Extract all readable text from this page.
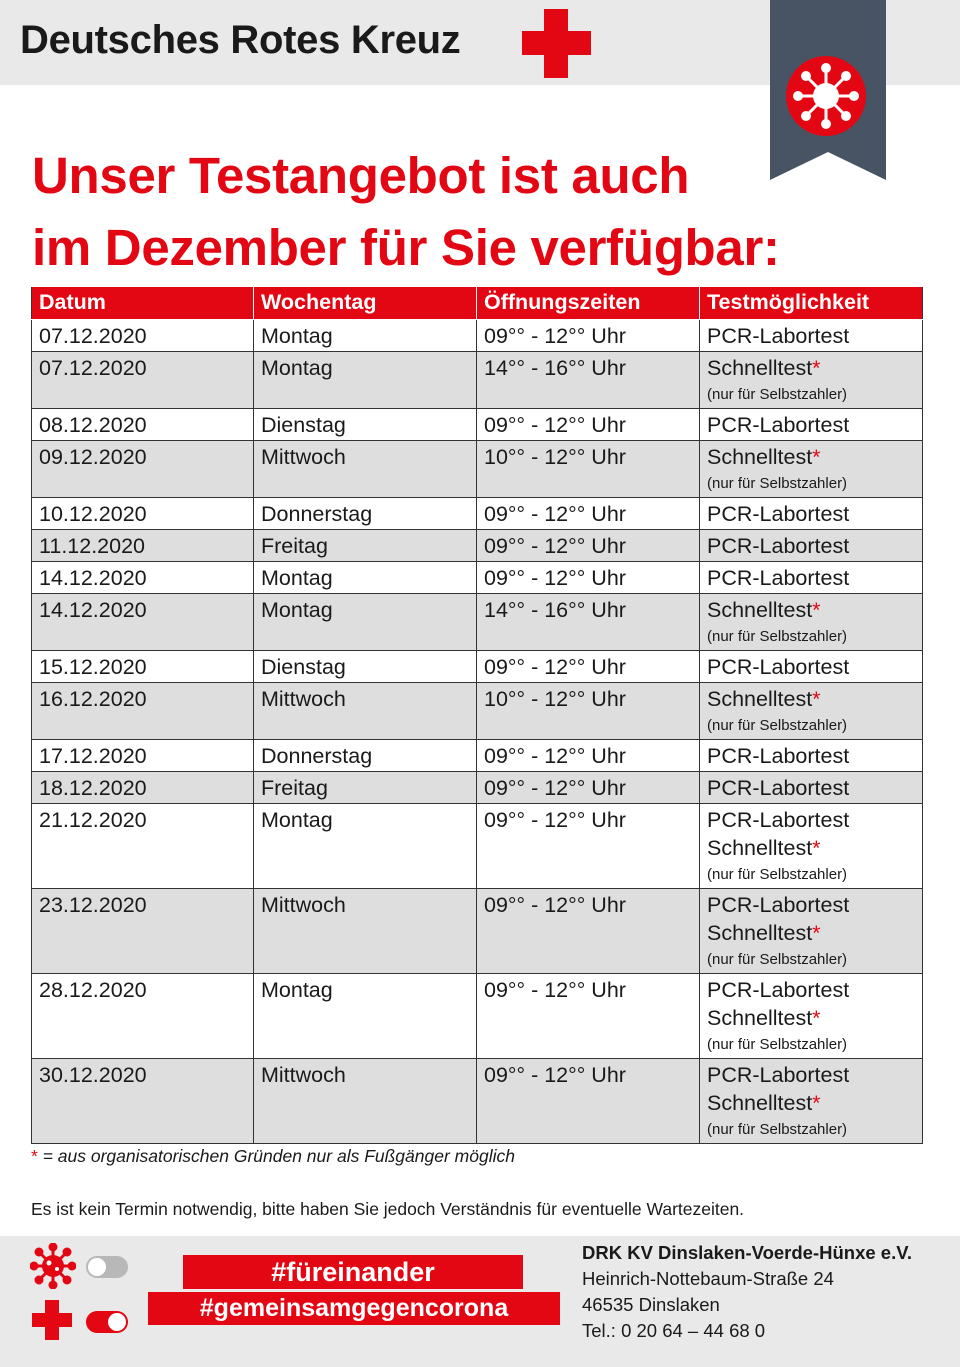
Deutsches Rotes Kreuz
Unser Testangebot ist auch
im Dezember für Sie verfügbar:
Datum	Wochentag	Öffnungszeiten	Testmöglichkeit
07.12.2020	Montag	09°° - 12°° Uhr	PCR-Labortest

07.12.2020	Montag	14°° - 16°° Uhr	Schnelltest*
(nur für Selbstzahler)

08.12.2020	Dienstag	09°° - 12°° Uhr	PCR-Labortest

09.12.2020	Mittwoch	10°° - 12°° Uhr	Schnelltest*
(nur für Selbstzahler)

10.12.2020	Donnerstag	09°° - 12°° Uhr	PCR-Labortest

11.12.2020	Freitag	09°° - 12°° Uhr	PCR-Labortest

14.12.2020	Montag	09°° - 12°° Uhr	PCR-Labortest

14.12.2020	Montag	14°° - 16°° Uhr	Schnelltest*
(nur für Selbstzahler)

15.12.2020	Dienstag	09°° - 12°° Uhr	PCR-Labortest

16.12.2020	Mittwoch	10°° - 12°° Uhr	Schnelltest*
(nur für Selbstzahler)

17.12.2020	Donnerstag	09°° - 12°° Uhr	PCR-Labortest

18.12.2020	Freitag	09°° - 12°° Uhr	PCR-Labortest

21.12.2020	Montag	09°° - 12°° Uhr	PCR-Labortest
Schnelltest*
(nur für Selbstzahler)

23.12.2020	Mittwoch	09°° - 12°° Uhr	PCR-Labortest
Schnelltest*
(nur für Selbstzahler)

28.12.2020	Montag	09°° - 12°° Uhr	PCR-Labortest
Schnelltest*
(nur für Selbstzahler)

30.12.2020	Mittwoch	09°° - 12°° Uhr	PCR-Labortest
Schnelltest*
(nur für Selbstzahler)
* = aus organisatorischen Gründen nur als Fußgänger möglich
Es ist kein Termin notwendig, bitte haben Sie jedoch Verständnis für eventuelle Wartezeiten.
#füreinander
#gemeinsamgegencorona
DRK KV Dinslaken-Voerde-Hünxe e.V.
Heinrich-Nottebaum-Straße 24
46535 Dinslaken
Tel.: 0 20 64 – 44 68 0
